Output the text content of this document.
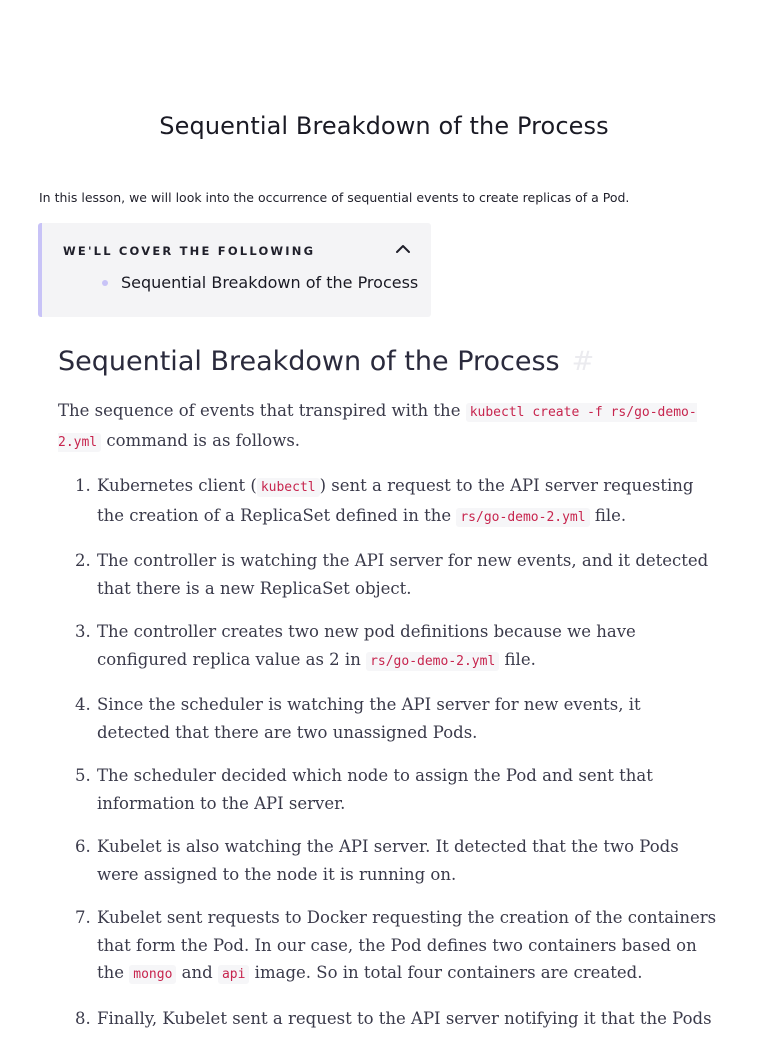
Sequential Breakdown of the Process

In this lesson, we will look into the occurrence of sequential events to create replicas of a Pod.

WE'LL COVER THE FOLLOWING
Sequential Breakdown of the Process
Sequential Breakdown of the Process #

The sequence of events that transpired with the kubectl create -f rs/go-demo-2.yml command is as follows.

1. Kubernetes client ( kubectl ) sent a request to the API server requesting the creation of a ReplicaSet defined in the rs/go-demo-2.yml file.
2. The controller is watching the API server for new events, and it detected that there is a new ReplicaSet object.
3. The controller creates two new pod definitions because we have configured replica value as 2 in rs/go-demo-2.yml file.
4. Since the scheduler is watching the API server for new events, it detected that there are two unassigned Pods.
5. The scheduler decided which node to assign the Pod and sent that information to the API server.
6. Kubelet is also watching the API server. It detected that the two Pods were assigned to the node it is running on.
7. Kubelet sent requests to Docker requesting the creation of the containers that form the Pod. In our case, the Pod defines two containers based on the mongo and api image. So in total four containers are created.
8. Finally, Kubelet sent a request to the API server notifying it that the Pods
